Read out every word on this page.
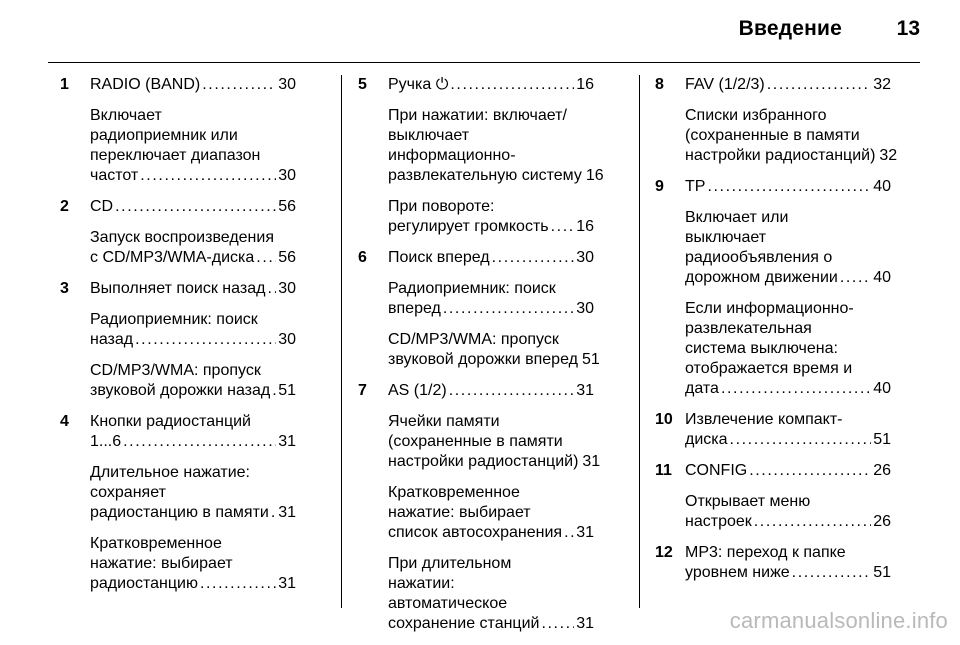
Введение	13
1 RADIO (BAND) .....	30
Включает
радиоприемник или
переключает диапазон
частот .....	30
2 CD .....	56
Запуск воспроизведения
с CD/MP3/WMA-диска ..... 56
3 Выполняет поиск назад ..... 30
Радиоприемник: поиск
назад .....	30
CD/MP3/WMA: пропуск
звуковой дорожки назад ..... 51
4 Кнопки радиостанций
1...6 .....	31
Длительное нажатие:
сохраняет
радиостанцию в памяти ..... 31
Кратковременное
нажатие: выбирает
радиостанцию .....	31
5 Ручка ⏻ .....	16
При нажатии: включает/
выключает
информационно-
развлекательную систему 16
При повороте:
регулирует громкость ..... 16
6 Поиск вперед .....	30
Радиоприемник: поиск
вперед .....	30
CD/MP3/WMA: пропуск
звуковой дорожки вперед 51
7 AS (1/2) .....	31
Ячейки памяти
(сохраненные в памяти
настройки радиостанций) 31
Кратковременное
нажатие: выбирает
список автосохранения ..... 31
При длительном
нажатии:
автоматическое
сохранение станций ..... 31
8 FAV (1/2/3) .....	32
Списки избранного
(сохраненные в памяти
настройки радиостанций) 32
9 TP .....	40
Включает или
выключает
радиообъявления о
дорожном движении ..... 40
Если информационно-
развлекательная
система выключена:
отображается время и
дата .....	40
10 Извлечение компакт-
диска .....	51
11 CONFIG .....	26
Открывает меню
настроек .....	26
12 MP3: переход к папке
уровнем ниже .....	51
carmanualsonline.info
